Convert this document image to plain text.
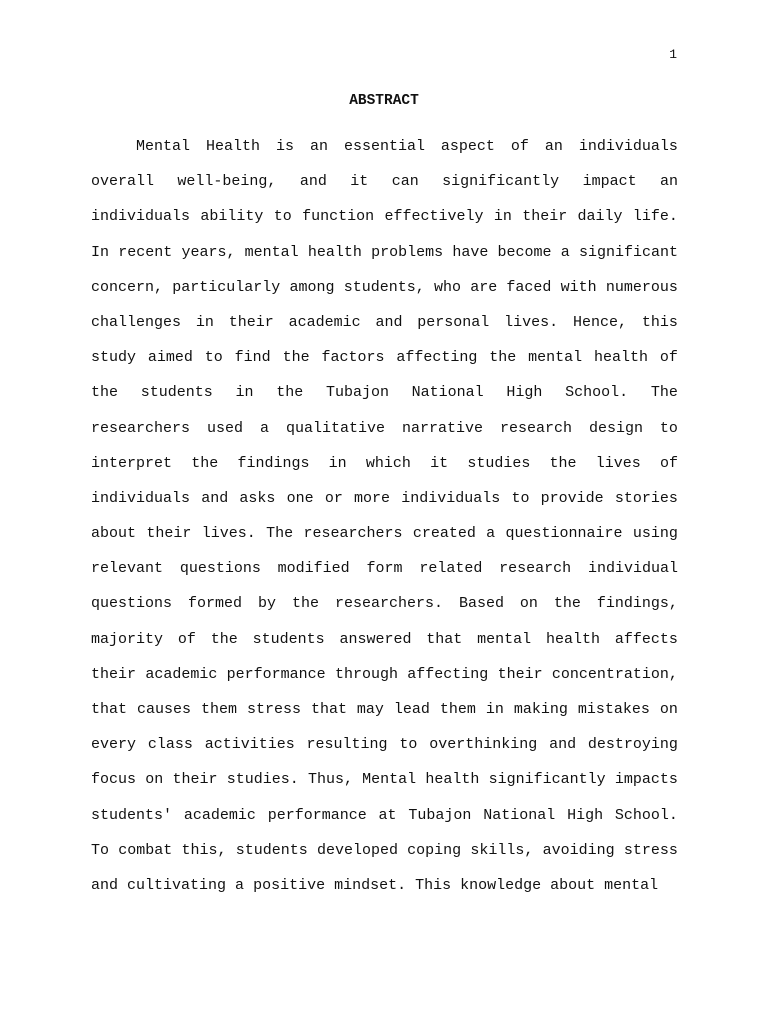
1
ABSTRACT
Mental Health is an essential aspect of an individuals
overall well-being, and it can significantly impact an
individuals ability to function effectively in their daily life.
In recent years, mental health problems have become a significant
concern, particularly among students, who are faced with numerous
challenges in their academic and personal lives. Hence, this
study aimed to find the factors affecting the mental health of
the students in the Tubajon National High School. The
researchers used a qualitative narrative research design to
interpret the findings in which it studies the lives of
individuals and asks one or more individuals to provide stories
about their lives. The researchers created a questionnaire using
relevant questions modified form related research individual
questions formed by the researchers. Based on the findings,
majority of the students answered that mental health affects
their academic performance through affecting their concentration,
that causes them stress that may lead them in making mistakes on
every class activities resulting to overthinking and destroying
focus on their studies. Thus, Mental health significantly impacts
students' academic performance at Tubajon National High School.
To combat this, students developed coping skills, avoiding stress
and cultivating a positive mindset. This knowledge about mental
